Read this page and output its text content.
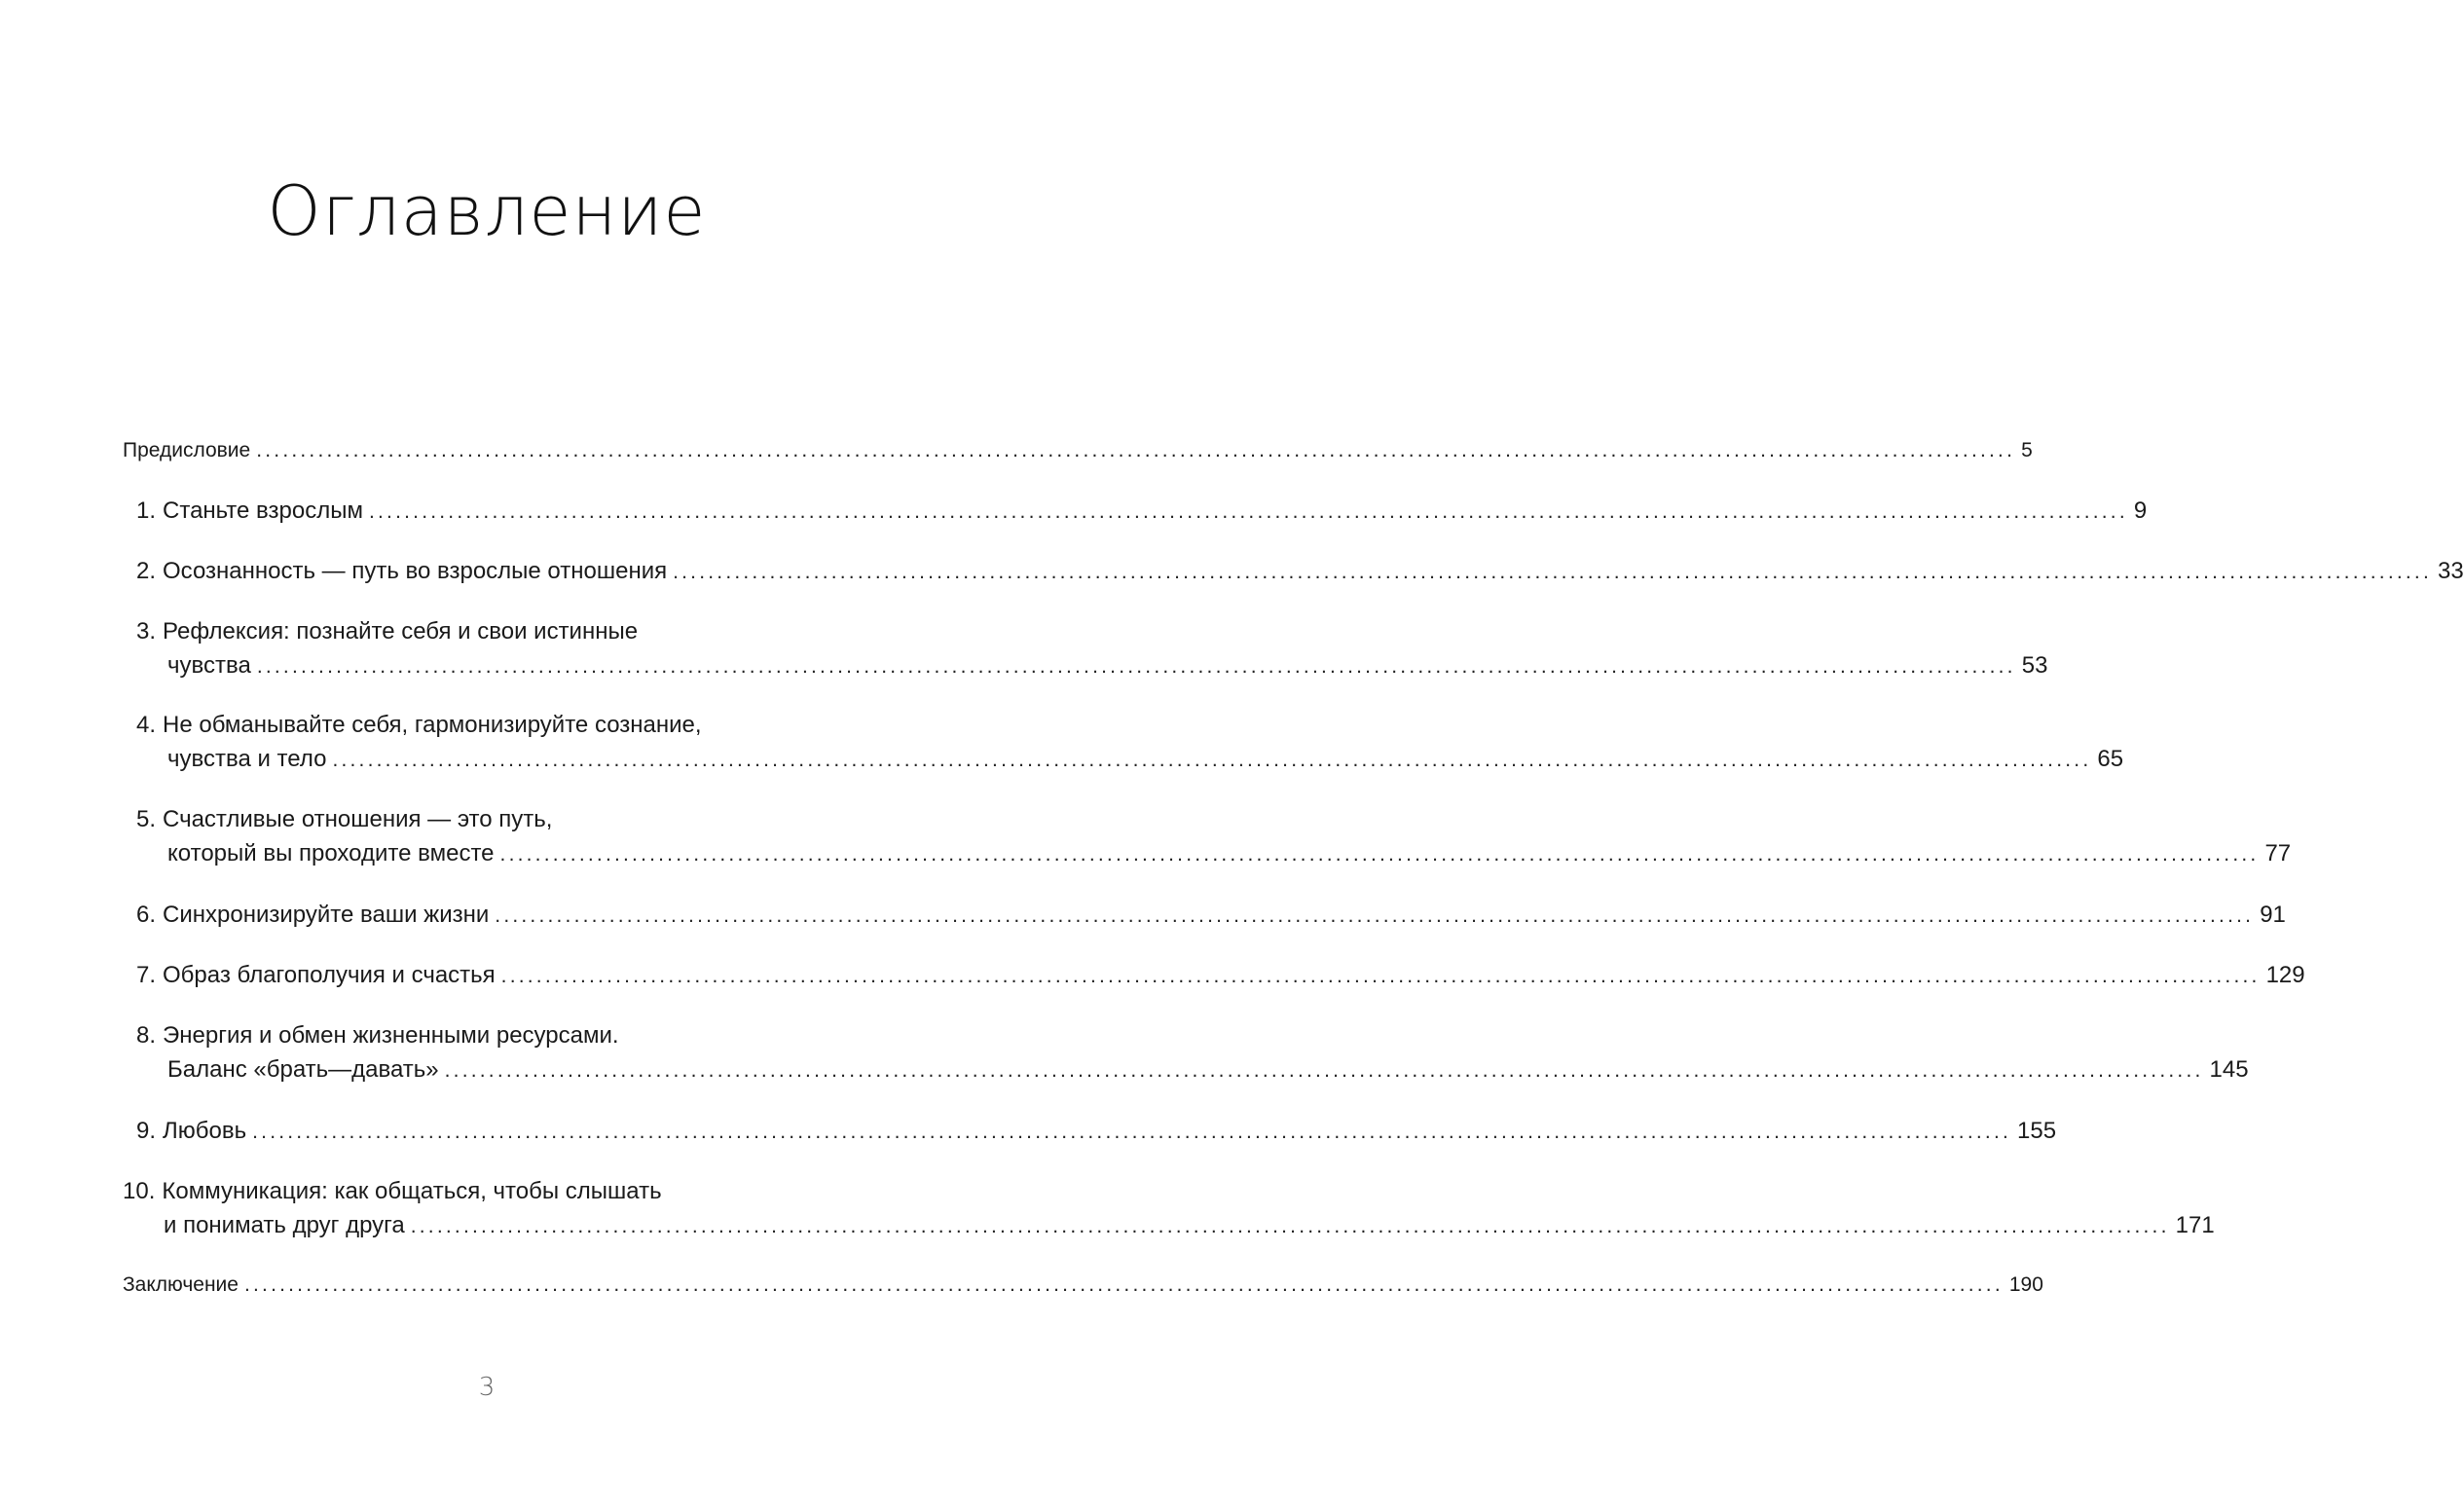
Оглавление
Предисловие ........................................................................................................................................................................................................ 5
1. Станьте взрослым ........................................................................................................................................................................................................ 9
2. Осознанность — путь во взрослые отношения ........................................................................................................................................................................................................ 33
3. Рефлексия: познайте себя и свои истинные
чувства ........................................................................................................................................................................................................ 53
4. Не обманывайте себя, гармонизируйте сознание,
чувства и тело ........................................................................................................................................................................................................ 65
5. Счастливые отношения — это путь,
который вы проходите вместе ........................................................................................................................................................................................................ 77
6. Синхронизируйте ваши жизни ........................................................................................................................................................................................................ 91
7. Образ благополучия и счастья ........................................................................................................................................................................................................ 129
8. Энергия и обмен жизненными ресурсами.
Баланс «брать—давать» ........................................................................................................................................................................................................ 145
9. Любовь ........................................................................................................................................................................................................ 155
10. Коммуникация: как общаться, чтобы слышать
и понимать друг друга ........................................................................................................................................................................................................ 171
Заключение ........................................................................................................................................................................................................ 190
3
